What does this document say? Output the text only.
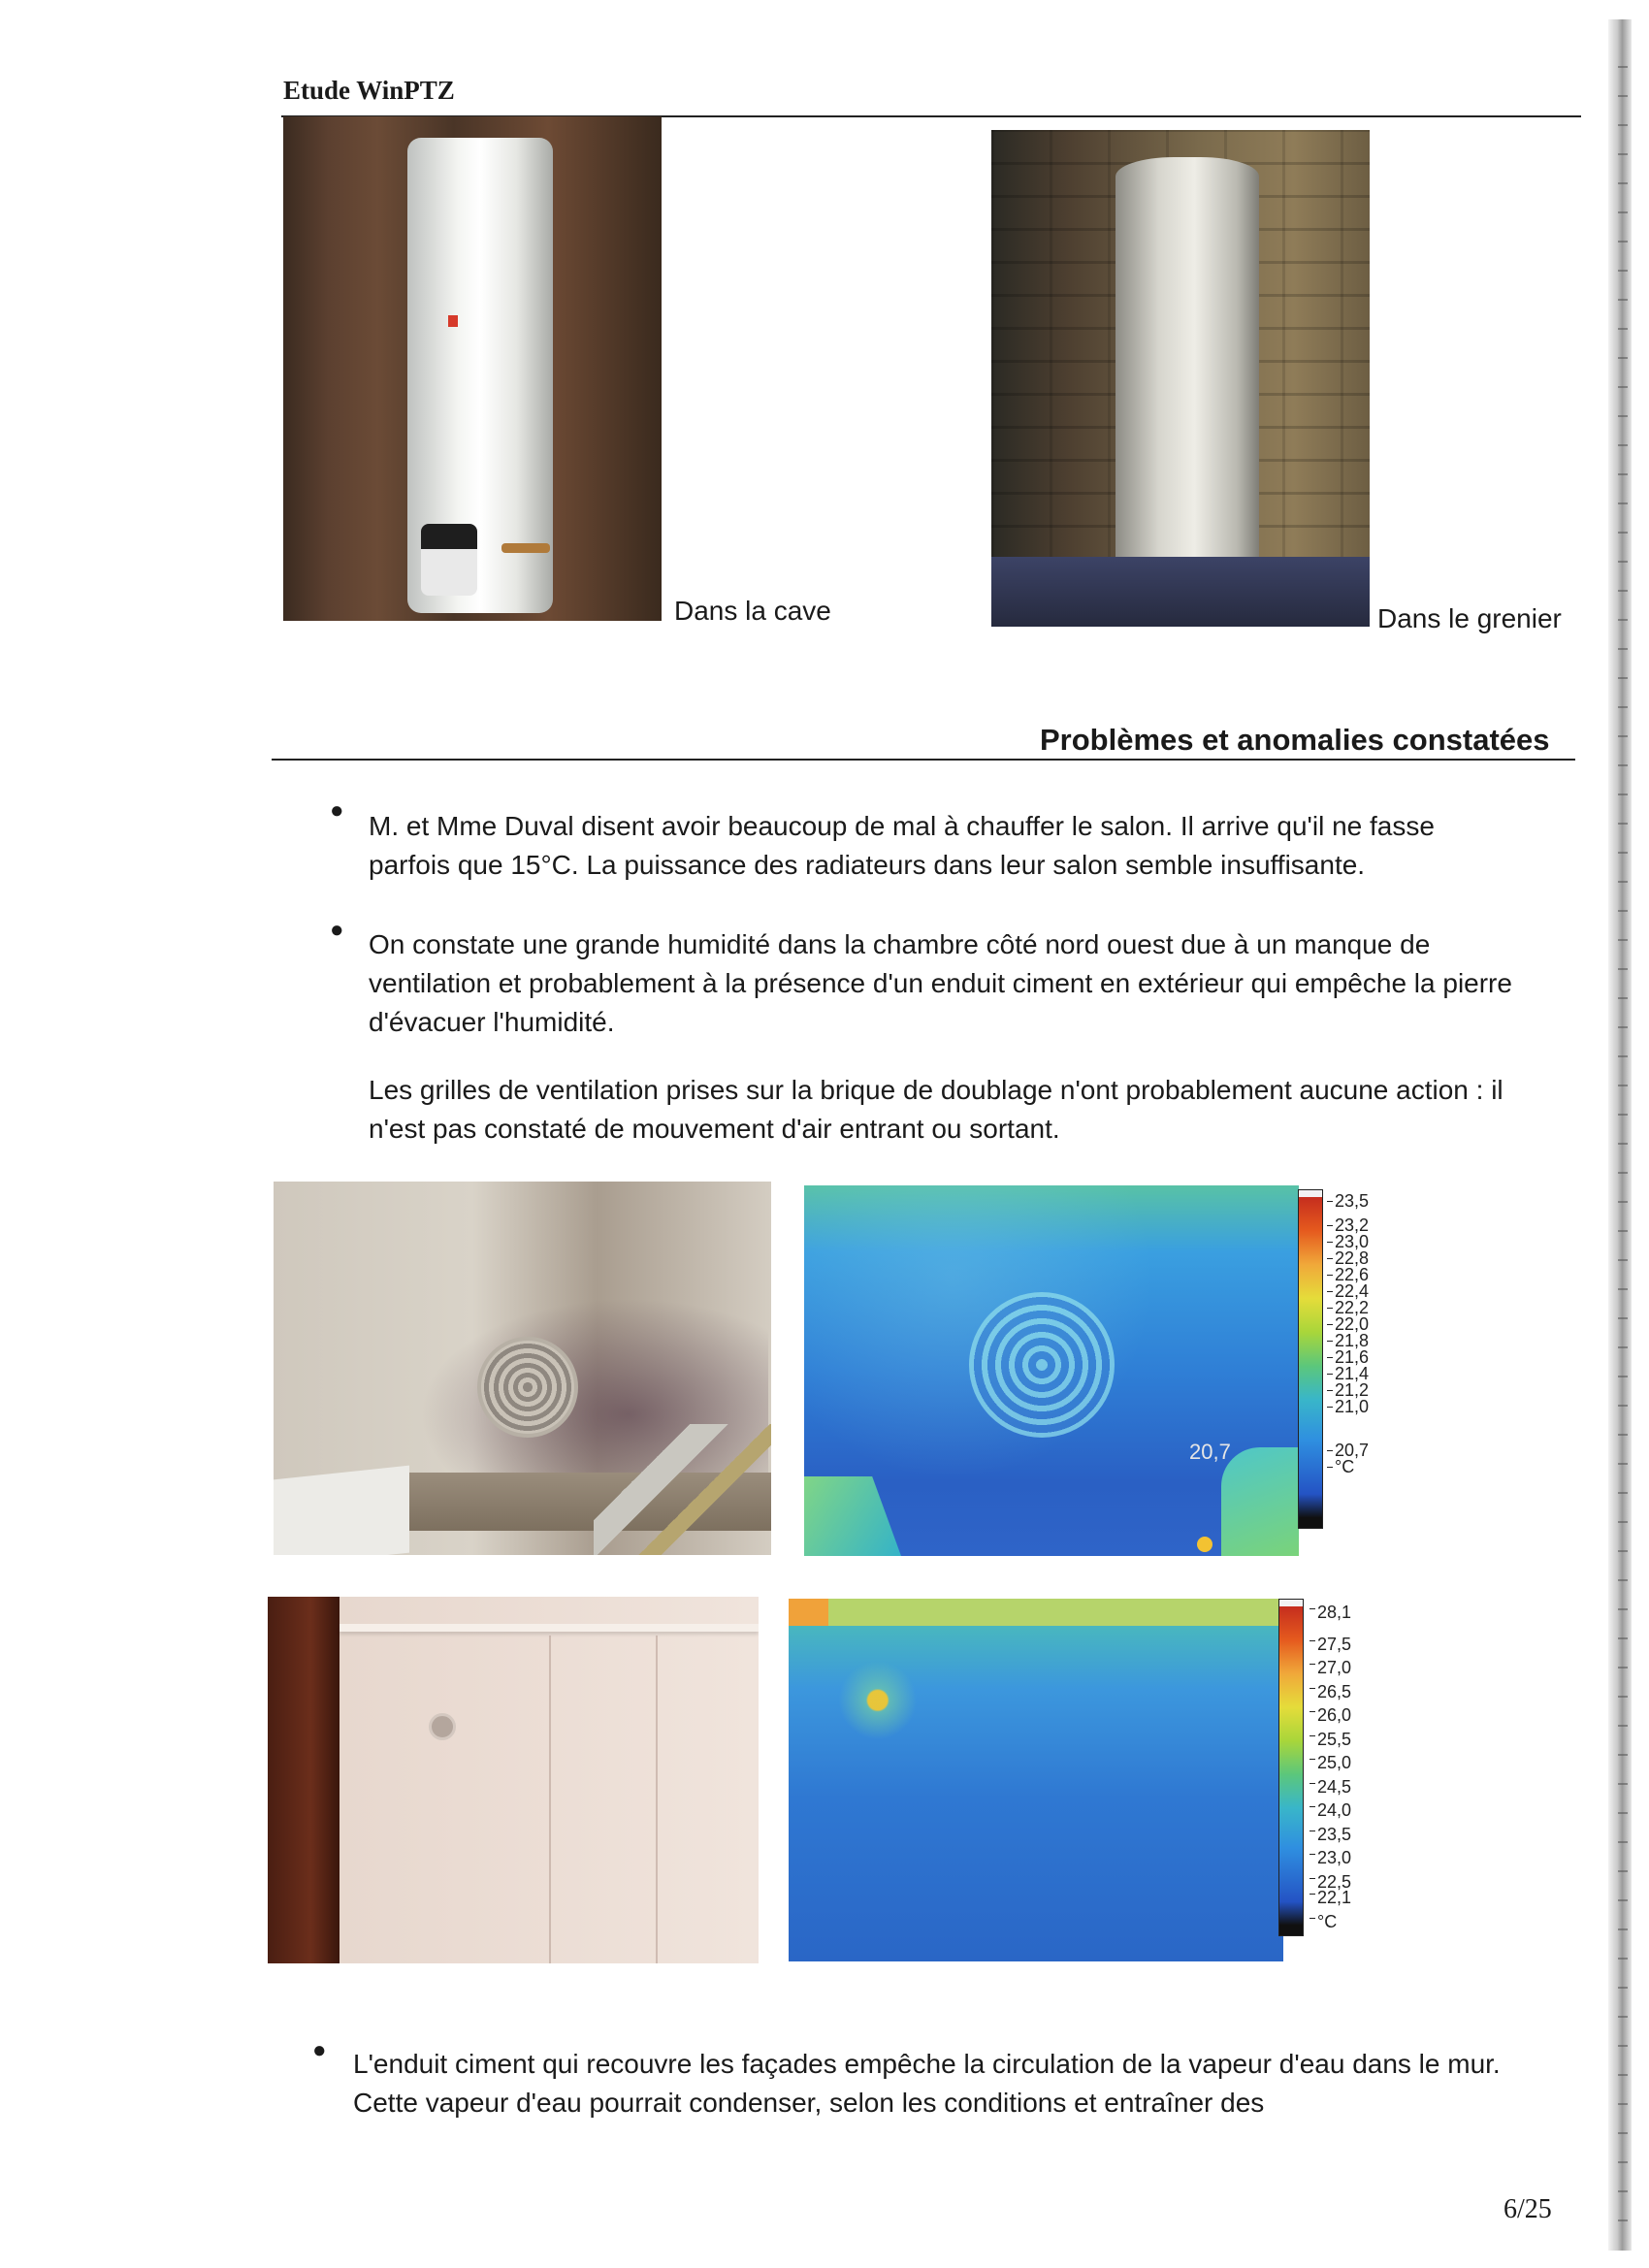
Etude WinPTZ
Dans la cave	Dans le grenier
Problèmes et anomalies constatées
●
M. et Mme Duval disent avoir beaucoup de mal à chauffer le salon. Il arrive qu'il ne fasse parfois que 15°C. La puissance des radiateurs dans leur salon semble insuffisante.
● On constate une grande humidité dans la chambre côté nord ouest due à un manque de ventilation et probablement à la présence d'un enduit ciment en extérieur qui empêche la pierre d'évacuer l'humidité.
Les grilles de ventilation prises sur la brique de doublage n'ont probablement aucune action : il n'est pas constaté de mouvement d'air entrant ou sortant.
20,7
23,5
23,2
23,0
22,8
22,6
22,4
22,2
22,0
21,8
21,6
21,4
21,2
21,0
20,7
°C
28,1
27,5
27,0
26,5
26,0
25,5
25,0
24,5
24,0
23,5
23,0
22,5
22,1
°C
● L'enduit ciment qui recouvre les façades empêche la circulation de la vapeur d'eau dans le mur. Cette vapeur d'eau pourrait condenser, selon les conditions et entraîner des
6/25
